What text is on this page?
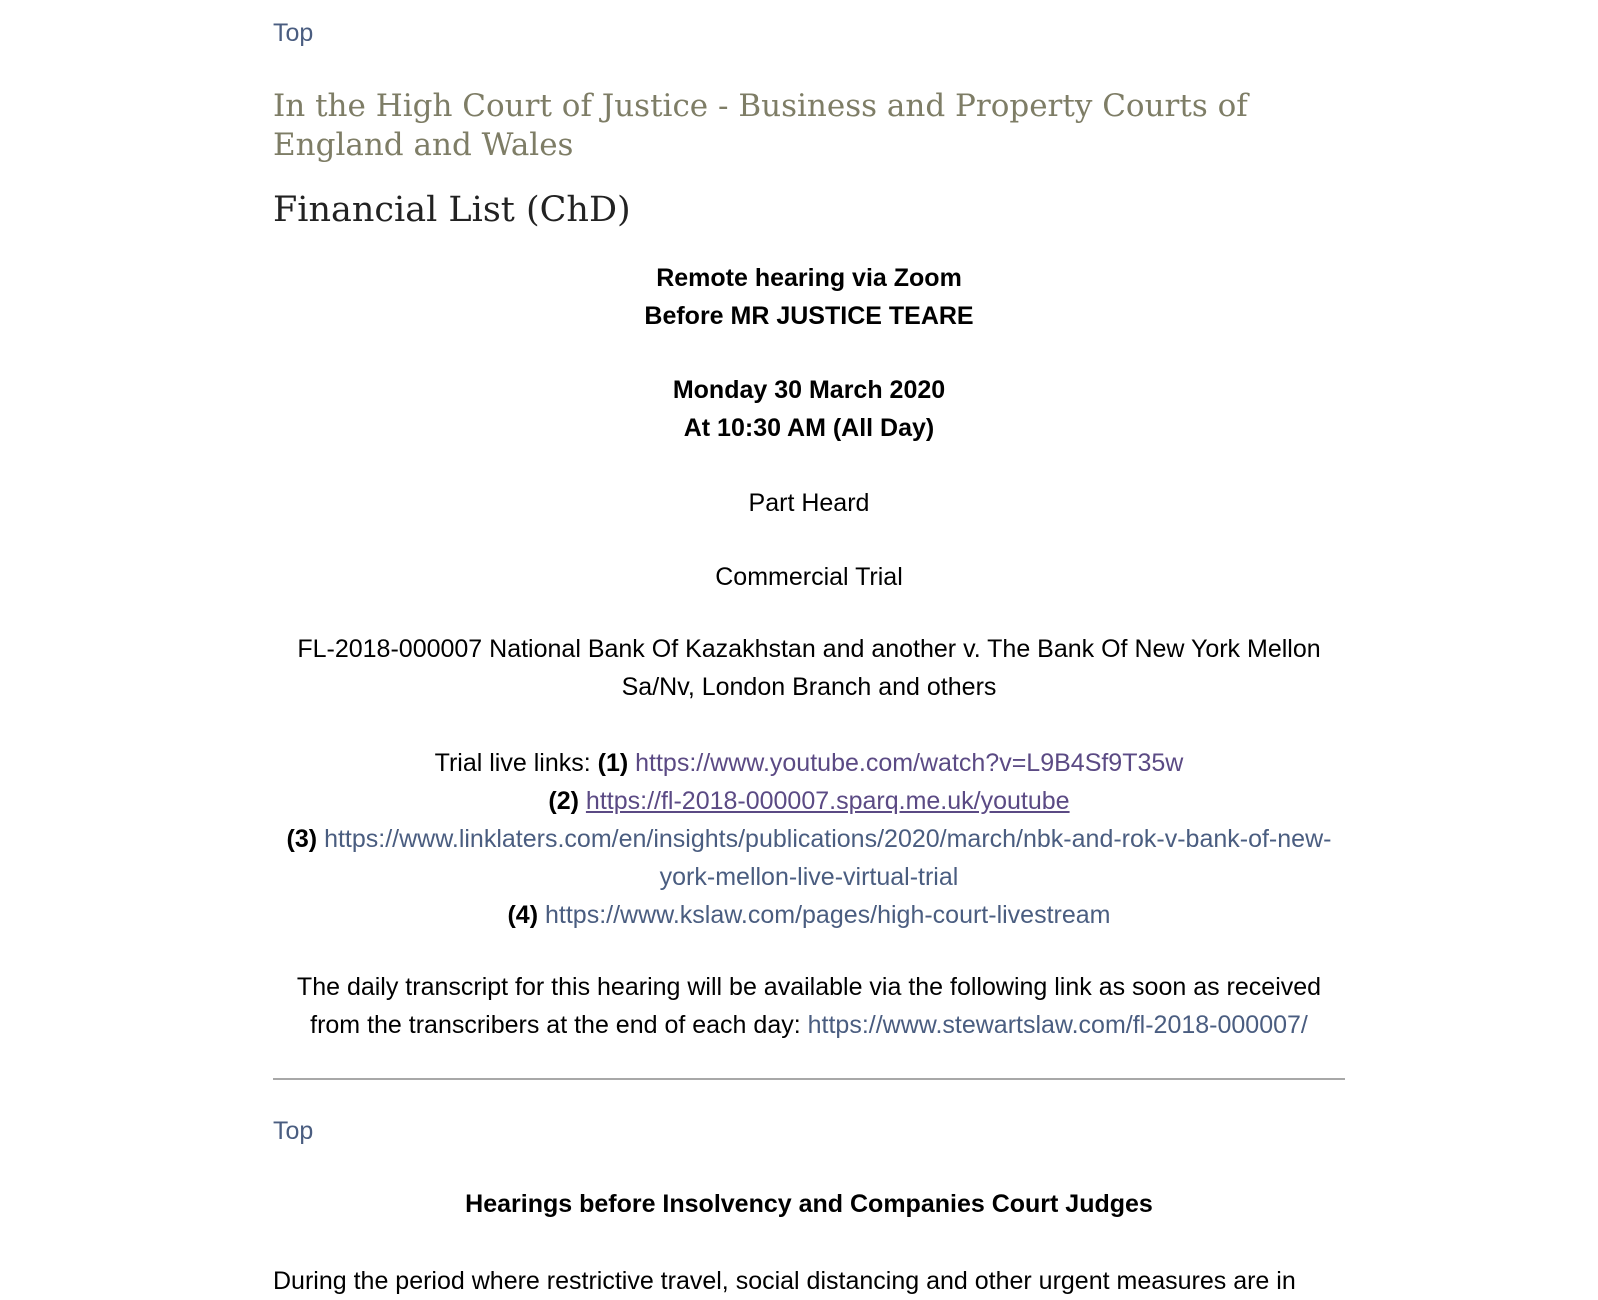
Top
In the High Court of Justice - Business and Property Courts of England and Wales
Financial List (ChD)
Remote hearing via Zoom
Before MR JUSTICE TEARE
Monday 30 March 2020
At 10:30 AM (All Day)
Part Heard
Commercial Trial
FL-2018-000007 National Bank Of Kazakhstan and another v. The Bank Of New York Mellon
Sa/Nv, London Branch and others
Trial live links: (1) https://www.youtube.com/watch?v=L9B4Sf9T35w
(2) https://fl-2018-000007.sparq.me.uk/youtube
(3) https://www.linklaters.com/en/insights/publications/2020/march/nbk-and-rok-v-bank-of-new-
york-mellon-live-virtual-trial
(4) https://www.kslaw.com/pages/high-court-livestream
The daily transcript for this hearing will be available via the following link as soon as received
from the transcribers at the end of each day: https://www.stewartslaw.com/fl-2018-000007/
Top
Hearings before Insolvency and Companies Court Judges
During the period where restrictive travel, social distancing and other urgent measures are in
